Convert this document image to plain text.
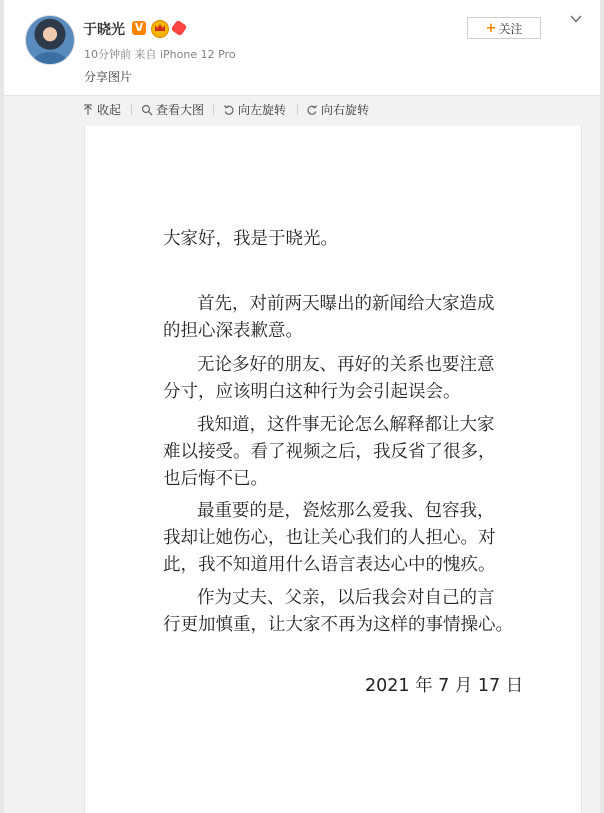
于晓光 V
10分钟前 来自 iPhone 12 Pro
分享图片
+ 关注
收起	查看大图	向左旋转	向右旋转

大家好，我是于晓光。

首先，对前两天曝出的新闻给大家造成

的担心深表歉意。

无论多好的朋友、再好的关系也要注意

分寸，应该明白这种行为会引起误会。

我知道，这件事无论怎么解释都让大家

难以接受。看了视频之后，我反省了很多，

也后悔不已。

最重要的是，瓷炫那么爱我、包容我，

我却让她伤心，也让关心我们的人担心。对

此，我不知道用什么语言表达心中的愧疚。

作为丈夫、父亲，以后我会对自己的言

行更加慎重，让大家不再为这样的事情操心。

2021 年 7 月 17 日
